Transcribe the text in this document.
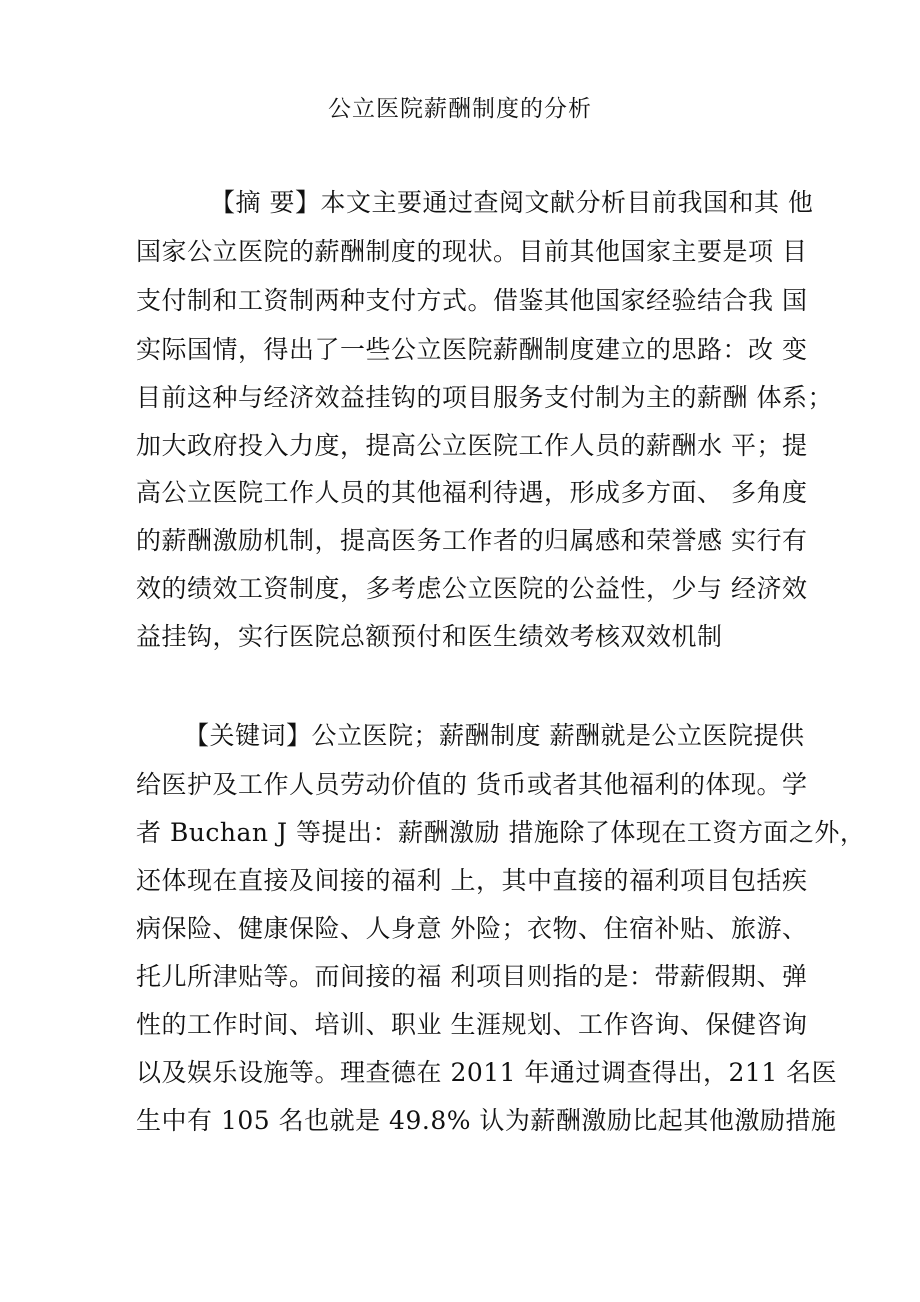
公立医院薪酬制度的分析
【摘 要】本文主要通过查阅文献分析目前我国和其 他
国家公立医院的薪酬制度的现状。目前其他国家主要是项 目
支付制和工资制两种支付方式。借鉴其他国家经验结合我 国
实际国情，得出了一些公立医院薪酬制度建立的思路：改 变
目前这种与经济效益挂钩的项目服务支付制为主的薪酬 体系；
加大政府投入力度，提高公立医院工作人员的薪酬水 平；提
高公立医院工作人员的其他福利待遇，形成多方面、 多角度
的薪酬激励机制，提高医务工作者的归属感和荣誉感 实行有
效的绩效工资制度，多考虑公立医院的公益性，少与 经济效
益挂钩，实行医院总额预付和医生绩效考核双效机制
【关键词】公立医院；薪酬制度 薪酬就是公立医院提供
给医护及工作人员劳动价值的 货币或者其他福利的体现。学
者 Buchan J 等提出：薪酬激励 措施除了体现在工资方面之外，
还体现在直接及间接的福利 上，其中直接的福利项目包括疾
病保险、健康保险、人身意 外险；衣物、住宿补贴、旅游、
托儿所津贴等。而间接的福 利项目则指的是：带薪假期、弹
性的工作时间、培训、职业 生涯规划、工作咨询、保健咨询
以及娱乐设施等。理查德在 2011 年通过调查得出，211 名医
生中有 105 名也就是 49.8% 认为薪酬激励比起其他激励措施
